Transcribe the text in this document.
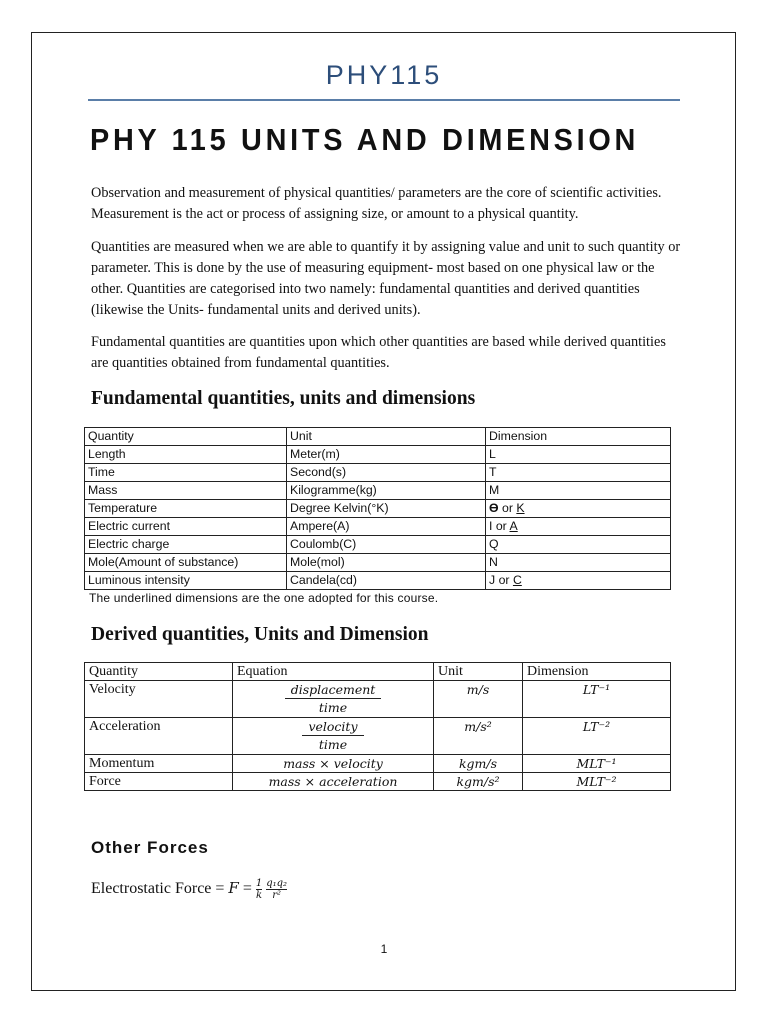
PHY115
PHY 115 UNITS AND DIMENSION

Observation and measurement of physical quantities/ parameters are the core of scientific activities. Measurement is the act or process of assigning size, or amount to a physical quantity.

Quantities are measured when we are able to quantify it by assigning value and unit to such quantity or parameter. This is done by the use of measuring equipment- most based on one physical law or the other. Quantities are categorised into two namely: fundamental quantities and derived quantities (likewise the Units- fundamental units and derived units).

Fundamental quantities are quantities upon which other quantities are based while derived quantities are quantities obtained from fundamental quantities.

Fundamental quantities, units and dimensions
Quantity	Unit	Dimension
Length	Meter(m)	L
Time	Second(s)	T
Mass	Kilogramme(kg)	M
Temperature	Degree Kelvin(°K)	ϴ or K
Electric current	Ampere(A)	I or A
Electric charge	Coulomb(C)	Q
Mole(Amount of substance)	Mole(mol)	N
Luminous intensity	Candela(cd)	J or C
The underlined dimensions are the one adopted for this course.
Derived quantities, Units and Dimension
Quantity	Equation	Unit	Dimension
Velocity	$\frac{\text{displacement}}{\text{time}}$	m/s	LT⁻¹
Acceleration	$\frac{\text{velocity}}{\text{time}}$	m/s²	LT⁻²
Momentum	mass × velocity	kgm/s	MLT⁻¹
Force	mass × acceleration	kgm/s²	MLT⁻²
Other Forces
Electrostatic Force = $F = \frac{1}{k}$
$\frac{\text{q₁q₂}}{\text{r²}}$
1
